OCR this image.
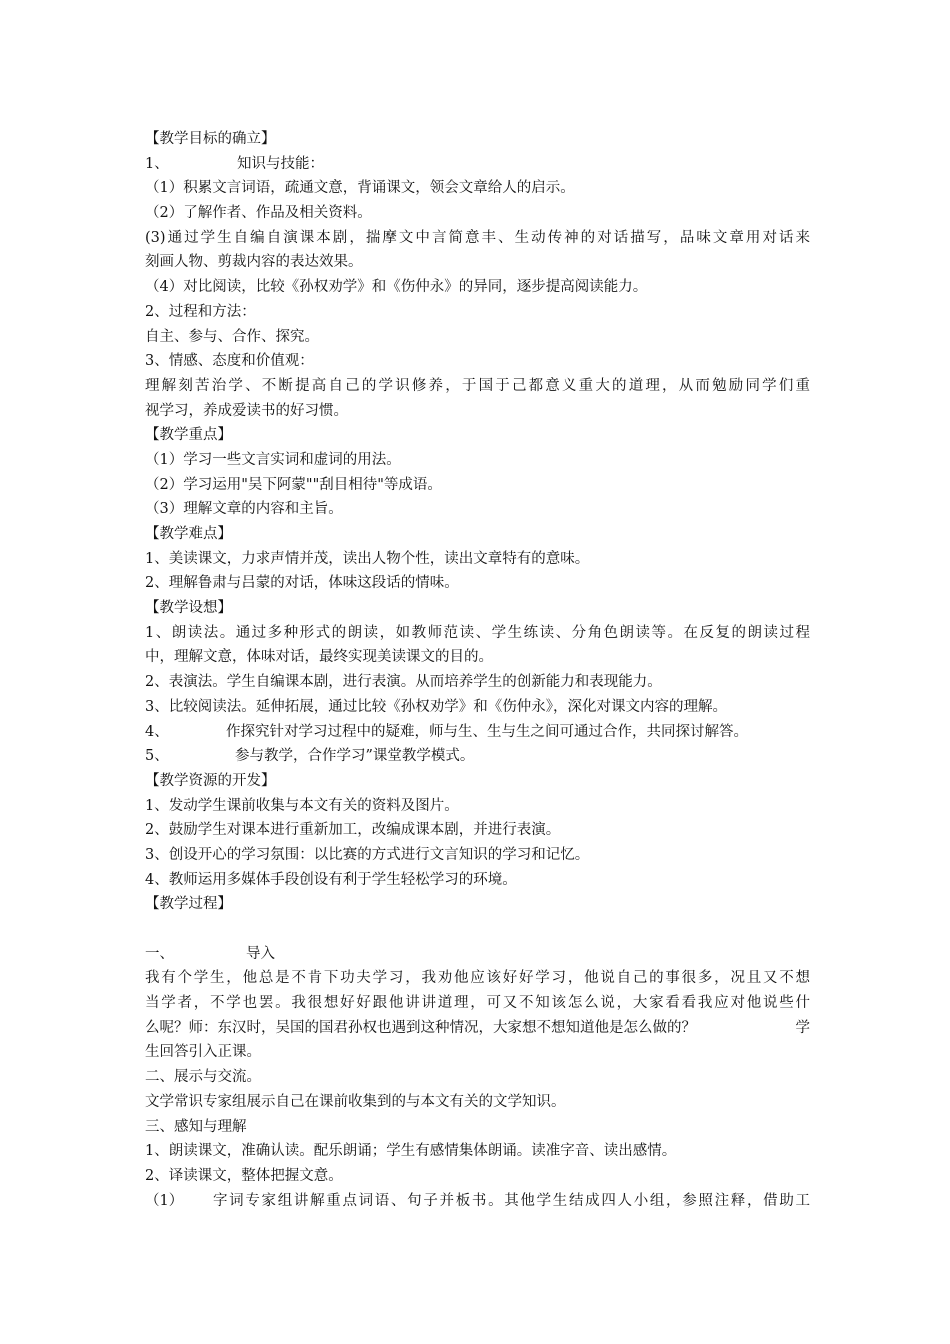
【教学目标的确立】
1、	知识与技能：
（1）积累文言词语，疏通文意，背诵课文，领会文章给人的启示。
（2）了解作者、作品及相关资料。
(3)通过学生自编自演课本剧，揣摩文中言简意丰、生动传神的对话描写，品味文章用对话来
刻画人物、剪裁内容的表达效果。
（4）对比阅读，比较《孙权劝学》和《伤仲永》的异同，逐步提高阅读能力。
2、过程和方法：
自主、参与、合作、探究。
3、情感、态度和价值观：
理解刻苦治学、不断提高自己的学识修养，于国于己都意义重大的道理，从而勉励同学们重
视学习，养成爱读书的好习惯。
【教学重点】
（1）学习一些文言实词和虚词的用法。
（2）学习运用"吴下阿蒙""刮目相待"等成语。
（3）理解文章的内容和主旨。
【教学难点】
1、美读课文，力求声情并茂，读出人物个性，读出文章特有的意味。
2、理解鲁肃与吕蒙的对话，体味这段话的情味。
【教学设想】
1、朗读法。通过多种形式的朗读，如教师范读、学生练读、分角色朗读等。在反复的朗读过程
中，理解文意，体味对话，最终实现美读课文的目的。
2、表演法。学生自编课本剧，进行表演。从而培养学生的创新能力和表现能力。
3、比较阅读法。延伸拓展，通过比较《孙权劝学》和《伤仲永》，深化对课文内容的理解。
4、	作探究针对学习过程中的疑难，师与生、生与生之间可通过合作，共同探讨解答。
5、	参与教学，合作学习”课堂教学模式。
【教学资源的开发】
1、发动学生课前收集与本文有关的资料及图片。
2、鼓励学生对课本进行重新加工，改编成课本剧，并进行表演。
3、创设开心的学习氛围：以比赛的方式进行文言知识的学习和记忆。
4、教师运用多媒体手段创设有利于学生轻松学习的环境。
【教学过程】
一、	导入
我有个学生，他总是不肯下功夫学习，我劝他应该好好学习，他说自己的事很多，况且又不想
当学者，不学也罢。我很想好好跟他讲讲道理，可又不知该怎么说，大家看看我应对他说些什
么呢？师：东汉时，吴国的国君孙权也遇到这种情况，大家想不想知道他是怎么做的？	学
生回答引入正课。
二、展示与交流。
文学常识专家组展示自己在课前收集到的与本文有关的文学知识。
三、感知与理解
1、朗读课文，准确认读。配乐朗诵；学生有感情集体朗诵。读准字音、读出感情。
2、译读课文，整体把握文意。
（1）	字词专家组讲解重点词语、句子并板书。其他学生结成四人小组，参照注释，借助工
